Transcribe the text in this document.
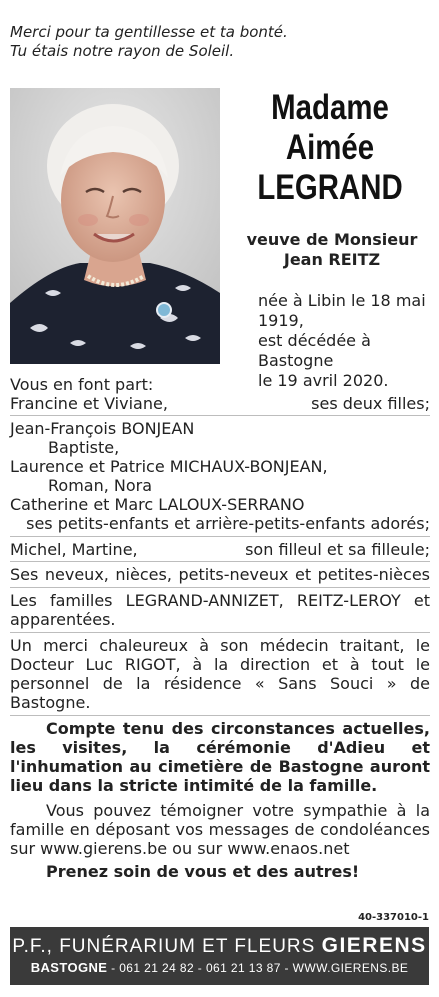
Merci pour ta gentillesse et ta bonté.
Tu étais notre rayon de Soleil.
Madame
Aimée
LEGRAND
veuve de Monsieur
Jean REITZ
née à Libin le 18 mai 1919,
est décédée à Bastogne
le 19 avril 2020.
Vous en font part:
Francine et Viviane,	ses deux filles;
Jean-François BONJEAN
Baptiste,
Laurence et Patrice MICHAUX-BONJEAN,
Roman, Nora
Catherine et Marc LALOUX-SERRANO
ses petits-enfants et arrière-petits-enfants adorés;
Michel, Martine,	son filleul et sa filleule;
Ses neveux, nièces, petits-neveux et petites-nièces
Les familles LEGRAND-ANNIZET, REITZ-LEROY et apparentées.
Un merci chaleureux à son médecin traitant, le Docteur Luc RIGOT, à la direction et à tout le personnel de la résidence « Sans Souci » de Bastogne.
Compte tenu des circonstances actuelles, les visites, la cérémonie d'Adieu et l'inhumation au cimetière de Bastogne auront lieu dans la stricte intimité de la famille.
Vous pouvez témoigner votre sympathie à la famille en déposant vos messages de condoléances sur www.gierens.be ou sur www.enaos.net
Prenez soin de vous et des autres!
40-337010-1
P.F., FUNÉRARIUM ET FLEURS GIERENS
BASTOGNE - 061 21 24 82 - 061 21 13 87 - WWW.GIERENS.BE
